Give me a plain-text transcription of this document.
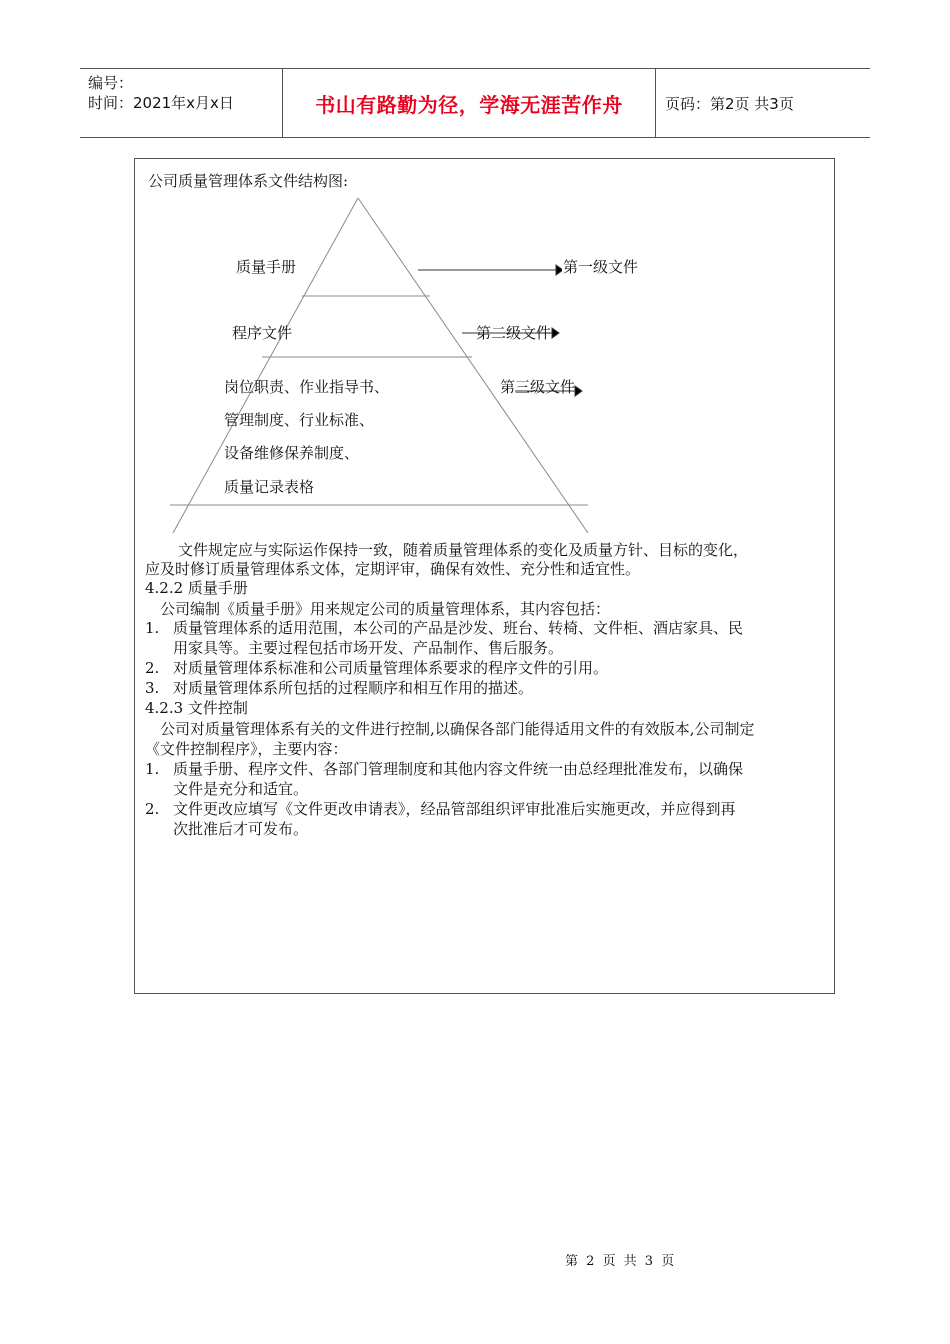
编号：
时间：2021年x月x日	书山有路勤为径，学海无涯苦作舟	页码：第2页 共3页
公司质量管理体系文件结构图:
质量手册	第一级文件
程序文件	第二级文件
岗位职责、作业指导书、	第三级文件
管理制度、行业标准、
设备维修保养制度、
质量记录表格
文件规定应与实际运作保持一致，随着质量管理体系的变化及质量方针、目标的变化，
应及时修订质量管理体系文体，定期评审，确保有效性、充分性和适宜性。
4.2.2 质量手册
公司编制《质量手册》用来规定公司的质量管理体系，其内容包括：
1. 质量管理体系的适用范围，本公司的产品是沙发、班台、转椅、文件柜、酒店家具、民
用家具等。主要过程包括市场开发、产品制作、售后服务。
2. 对质量管理体系标准和公司质量管理体系要求的程序文件的引用。
3. 对质量管理体系所包括的过程顺序和相互作用的描述。
4.2.3 文件控制
公司对质量管理体系有关的文件进行控制,以确保各部门能得适用文件的有效版本,公司制定
《文件控制程序》，主要内容：
1. 质量手册、程序文件、各部门管理制度和其他内容文件统一由总经理批准发布，以确保
文件是充分和适宜。
2. 文件更改应填写《文件更改申请表》，经品管部组织评审批准后实施更改，并应得到再
次批准后才可发布。
第 2 页 共 3 页
